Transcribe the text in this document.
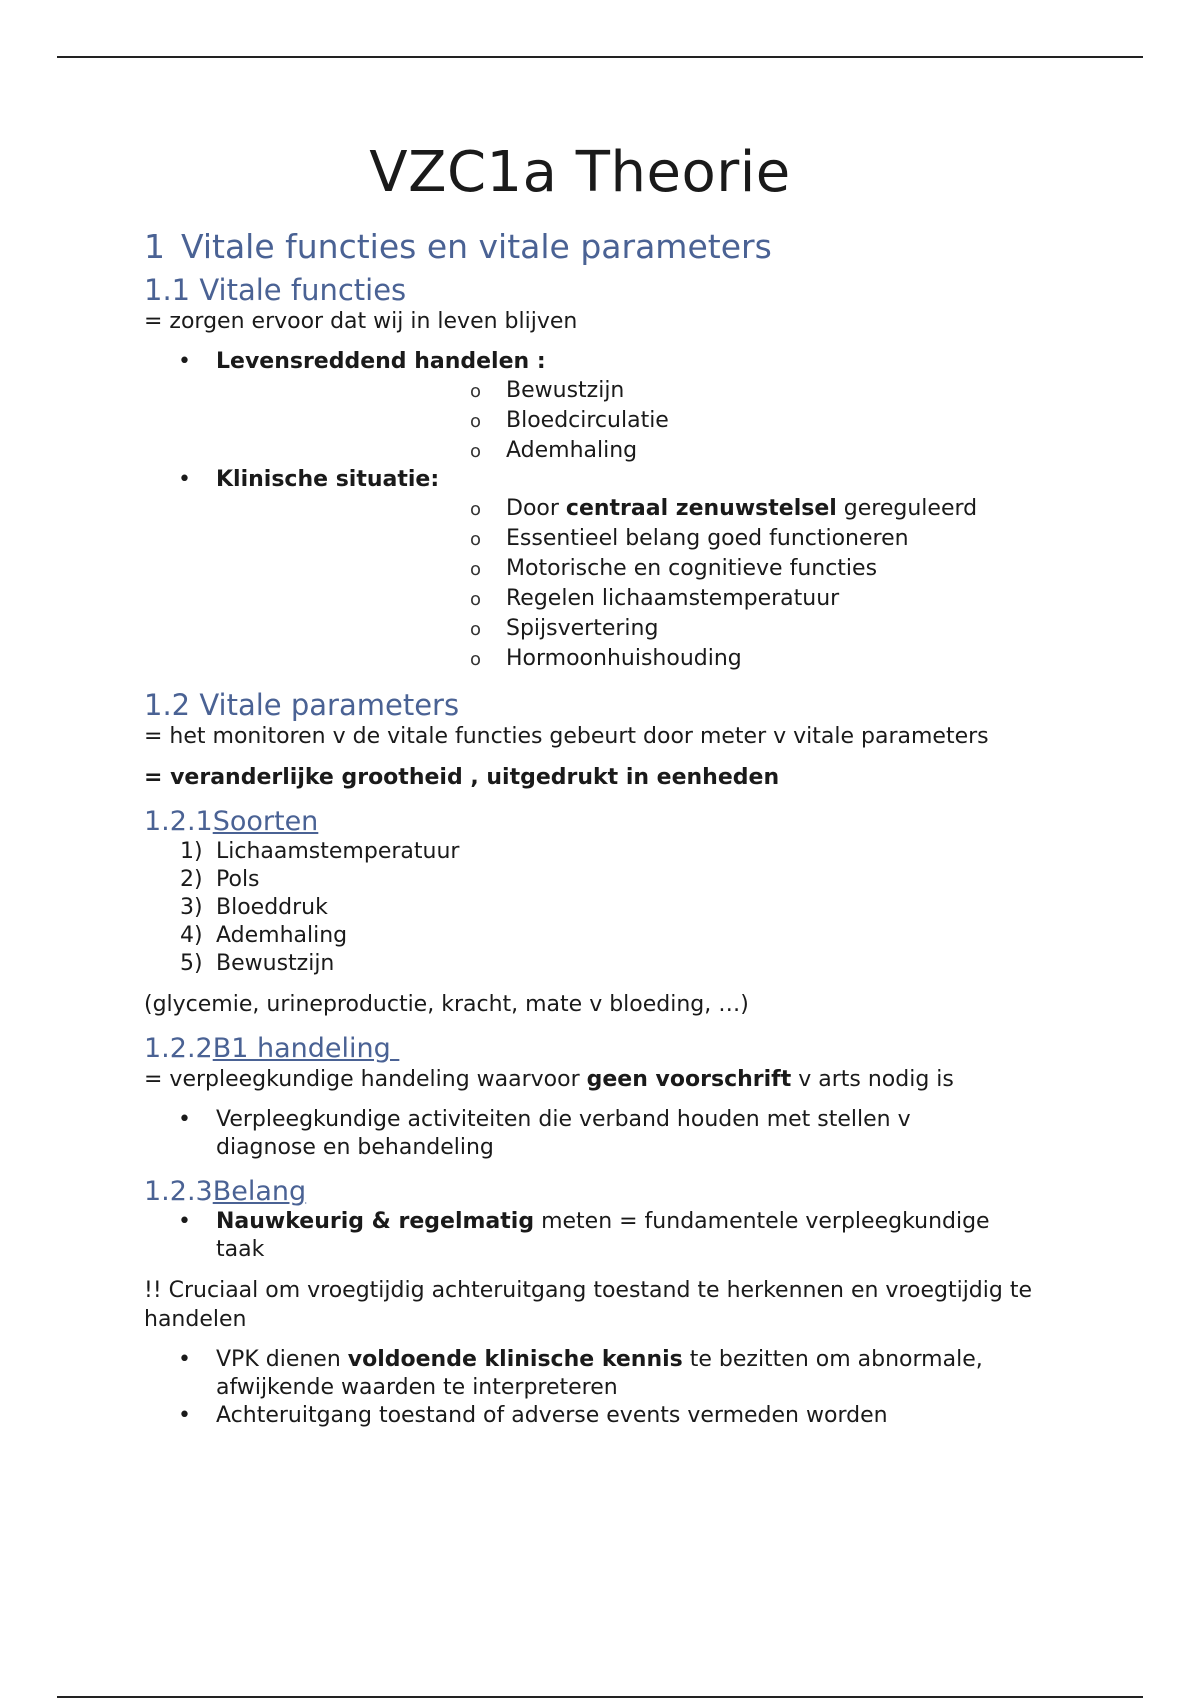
VZC1a Theorie
1 Vitale functies en vitale parameters
1.1 Vitale functies

= zorgen ervoor dat wij in leven blijven

• Levensreddend handelen :
o Bewustzijn
o Bloedcirculatie
o Ademhaling
• Klinische situatie:
o Door centraal zenuwstelsel gereguleerd
o Essentieel belang goed functioneren
o Motorische en cognitieve functies
o Regelen lichaamstemperatuur
o Spijsvertering
o Hormoonhuishouding
1.2 Vitale parameters

= het monitoren v de vitale functies gebeurt door meter v vitale parameters

= veranderlijke grootheid , uitgedrukt in eenheden

1.2.1Soorten
1) Lichaamstemperatuur
2) Pols
3) Bloeddruk
4) Ademhaling
5) Bewustzijn

(glycemie, urineproductie, kracht, mate v bloeding, …)

1.2.2B1 handeling

= verpleegkundige handeling waarvoor geen voorschrift v arts nodig is

• Verpleegkundige activiteiten die verband houden met stellen v diagnose en behandeling
1.2.3Belang
• Nauwkeurig & regelmatig meten = fundamentele verpleegkundige taak

!! Cruciaal om vroegtijdig achteruitgang toestand te herkennen en vroegtijdig te handelen

• VPK dienen voldoende klinische kennis te bezitten om abnormale, afwijkende waarden te interpreteren
• Achteruitgang toestand of adverse events vermeden worden
